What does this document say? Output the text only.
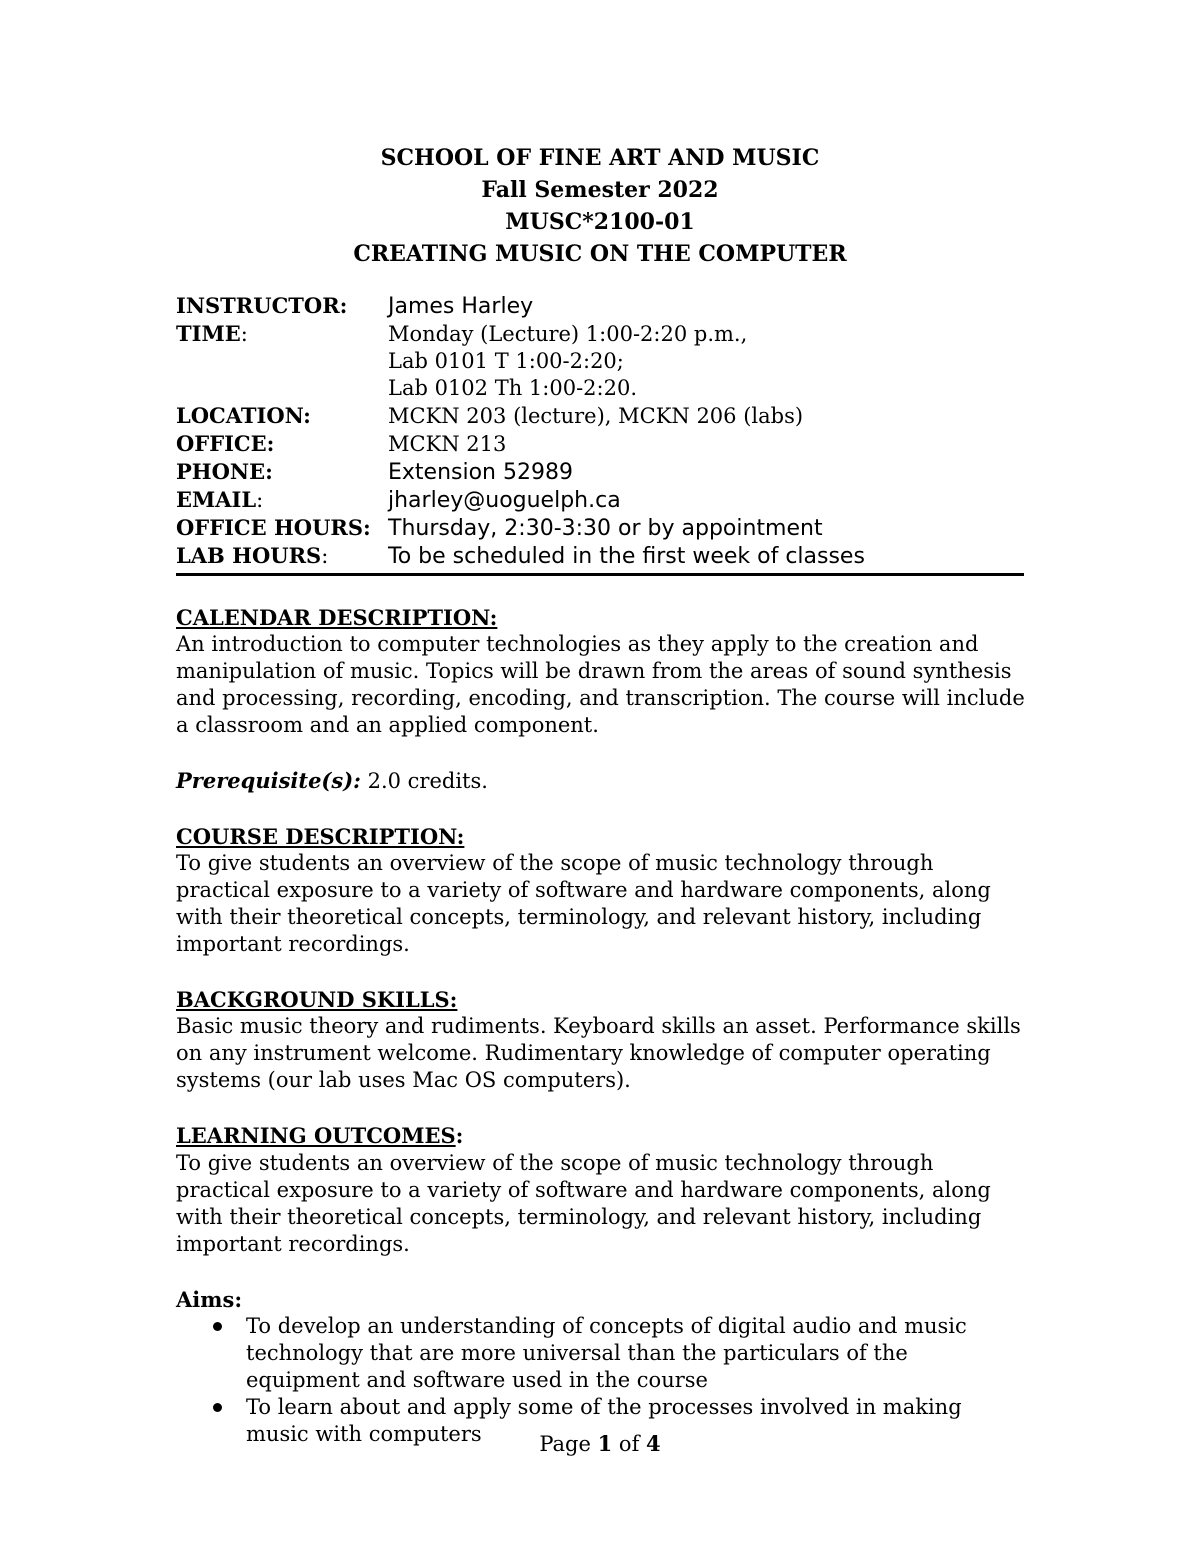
SCHOOL OF FINE ART AND MUSIC
Fall Semester 2022
MUSC*2100-01
CREATING MUSIC ON THE COMPUTER
INSTRUCTOR:	James Harley
TIME:	Monday (Lecture) 1:00-2:20 p.m.,
Lab 0101 T 1:00-2:20;
Lab 0102 Th 1:00-2:20.
LOCATION:	MCKN 203 (lecture), MCKN 206 (labs)
OFFICE:	MCKN 213
PHONE:	Extension 52989
EMAIL:	jharley@uoguelph.ca
OFFICE HOURS: Thursday, 2:30-3:30 or by appointment
LAB HOURS:	To be scheduled in the first week of classes
CALENDAR DESCRIPTION:
An introduction to computer technologies as they apply to the creation and manipulation of music. Topics will be drawn from the areas of sound synthesis and processing, recording, encoding, and transcription. The course will include a classroom and an applied component.
Prerequisite(s): 2.0 credits.
COURSE DESCRIPTION:
To give students an overview of the scope of music technology through practical exposure to a variety of software and hardware components, along with their theoretical concepts, terminology, and relevant history, including important recordings.
BACKGROUND SKILLS:
Basic music theory and rudiments. Keyboard skills an asset. Performance skills on any instrument welcome. Rudimentary knowledge of computer operating systems (our lab uses Mac OS computers).
LEARNING OUTCOMES:
To give students an overview of the scope of music technology through practical exposure to a variety of software and hardware components, along with their theoretical concepts, terminology, and relevant history, including important recordings.
Aims:
To develop an understanding of concepts of digital audio and music technology that are more universal than the particulars of the equipment and software used in the course
To learn about and apply some of the processes involved in making music with computers	Page 1 of 4
